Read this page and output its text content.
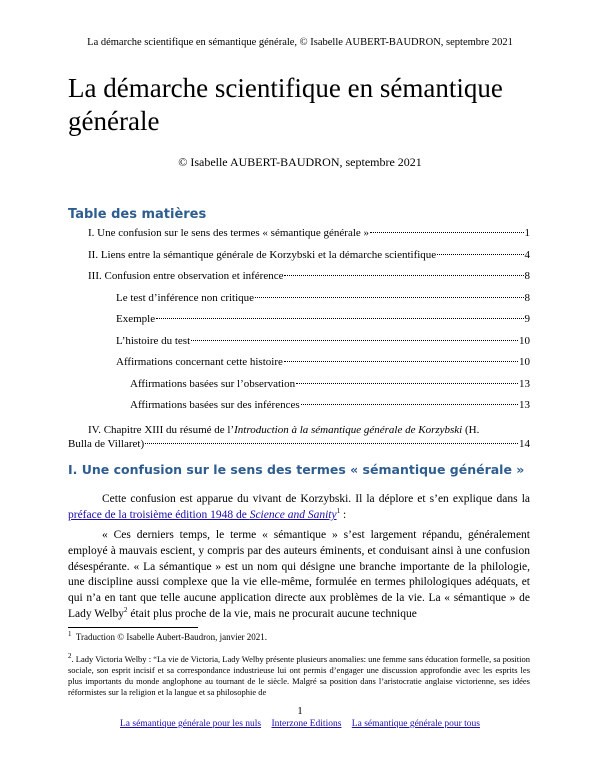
La démarche scientifique en sémantique générale, © Isabelle AUBERT-BAUDRON, septembre 2021
La démarche scientifique en sémantique générale
© Isabelle AUBERT-BAUDRON, septembre 2021
Table des matières
I. Une confusion sur le sens des termes « sémantique générale »	1
II. Liens entre la sémantique générale de Korzybski et la démarche scientifique	4
III. Confusion entre observation et inférence	8
Le test d’inférence non critique	8
Exemple	9
L’histoire du test	10
Affirmations concernant cette histoire	10
Affirmations basées sur l’observation	13
Affirmations basées sur des inférences	13
IV. Chapitre XIII du résumé de l’Introduction à la sémantique générale de Korzybski (H.
Bulla de Villaret)	14
I. Une confusion sur le sens des termes « sémantique générale »

Cette confusion est apparue du vivant de Korzybski. Il la déplore et s’en explique dans la préface de la troisième édition 1948 de Science and Sanity$^1$ :

« Ces derniers temps, le terme « sémantique » s’est largement répandu, généralement employé à mauvais escient, y compris par des auteurs éminents, et conduisant ainsi à une confusion désespérante. « La sémantique » est un nom qui désigne une branche importante de la philologie, une discipline aussi complexe que la vie elle-même, formulée en termes philologiques adéquats, et qui n’a en tant que telle aucune application directe aux problèmes de la vie. La « sémantique » de Lady Welby$^2$ était plus proche de la vie, mais ne procurait aucune technique

$^1$ Traduction © Isabelle Aubert-Baudron, janvier 2021.

$^2$. Lady Victoria Welby : “La vie de Victoria, Lady Welby présente plusieurs anomalies: une femme sans éducation formelle, sa position sociale, son esprit incisif et sa correspondance industrieuse lui ont permis d’engager une discussion approfondie avec les esprits les plus importants du monde anglophone au tournant de le siècle. Malgré sa position dans l’aristocratie anglaise victorienne, ses idées réformistes sur la religion et la langue et sa philosophie de

1
La sémantique générale pour les nuls Interzone Editions La sémantique générale pour tous
